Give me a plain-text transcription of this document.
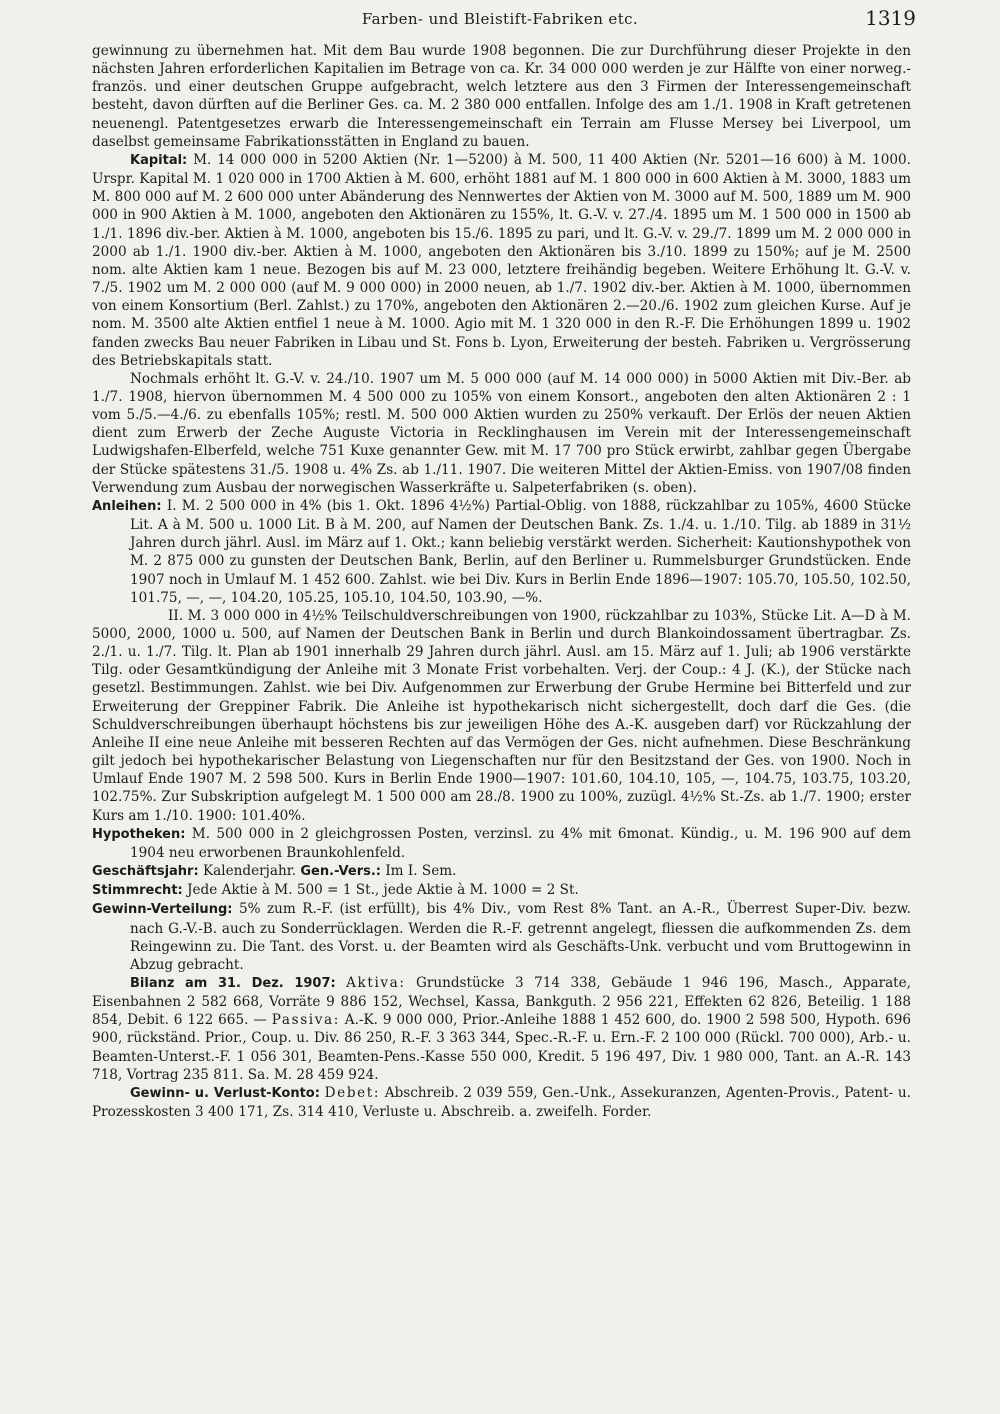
Farben- und Bleistift-Fabriken etc.	1319

gewinnung zu übernehmen hat. Mit dem Bau wurde 1908 begonnen. Die zur Durchführung dieser Projekte in den nächsten Jahren erforderlichen Kapitalien im Betrage von ca. Kr. 34 000 000 werden je zur Hälfte von einer norweg.-französ. und einer deutschen Gruppe aufgebracht, welch letztere aus den 3 Firmen der Interessengemeinschaft besteht, davon dürften auf die Berliner Ges. ca. M. 2 380 000 entfallen. Infolge des am 1./1. 1908 in Kraft getretenen neuenengl. Patentgesetzes erwarb die Interessengemeinschaft ein Terrain am Flusse Mersey bei Liverpool, um daselbst gemeinsame Fabrikationsstätten in England zu bauen.

Kapital: M. 14 000 000 in 5200 Aktien (Nr. 1—5200) à M. 500, 11 400 Aktien (Nr. 5201—16 600) à M. 1000. Urspr. Kapital M. 1 020 000 in 1700 Aktien à M. 600, erhöht 1881 auf M. 1 800 000 in 600 Aktien à M. 3000, 1883 um M. 800 000 auf M. 2 600 000 unter Abänderung des Nennwertes der Aktien von M. 3000 auf M. 500, 1889 um M. 900 000 in 900 Aktien à M. 1000, angeboten den Aktionären zu 155%, lt. G.-V. v. 27./4. 1895 um M. 1 500 000 in 1500 ab 1./1. 1896 div.-ber. Aktien à M. 1000, angeboten bis 15./6. 1895 zu pari, und lt. G.-V. v. 29./7. 1899 um M. 2 000 000 in 2000 ab 1./1. 1900 div.-ber. Aktien à M. 1000, angeboten den Aktionären bis 3./10. 1899 zu 150%; auf je M. 2500 nom. alte Aktien kam 1 neue. Bezogen bis auf M. 23 000, letztere freihändig begeben. Weitere Erhöhung lt. G.-V. v. 7./5. 1902 um M. 2 000 000 (auf M. 9 000 000) in 2000 neuen, ab 1./7. 1902 div.-ber. Aktien à M. 1000, übernommen von einem Konsortium (Berl. Zahlst.) zu 170%, angeboten den Aktionären 2.—20./6. 1902 zum gleichen Kurse. Auf je nom. M. 3500 alte Aktien entfiel 1 neue à M. 1000. Agio mit M. 1 320 000 in den R.-F. Die Erhöhungen 1899 u. 1902 fanden zwecks Bau neuer Fabriken in Libau und St. Fons b. Lyon, Erweiterung der besteh. Fabriken u. Vergrösserung des Betriebskapitals statt.

Nochmals erhöht lt. G.-V. v. 24./10. 1907 um M. 5 000 000 (auf M. 14 000 000) in 5000 Aktien mit Div.-Ber. ab 1./7. 1908, hiervon übernommen M. 4 500 000 zu 105% von einem Konsort., angeboten den alten Aktionären 2 : 1 vom 5./5.—4./6. zu ebenfalls 105%; restl. M. 500 000 Aktien wurden zu 250% verkauft. Der Erlös der neuen Aktien dient zum Erwerb der Zeche Auguste Victoria in Recklinghausen im Verein mit der Interessengemeinschaft Ludwigshafen-Elberfeld, welche 751 Kuxe genannter Gew. mit M. 17 700 pro Stück erwirbt, zahlbar gegen Übergabe der Stücke spätestens 31./5. 1908 u. 4% Zs. ab 1./11. 1907. Die weiteren Mittel der Aktien-Emiss. von 1907/08 finden Verwendung zum Ausbau der norwegischen Wasserkräfte u. Salpeterfabriken (s. oben).

Anleihen: I. M. 2 500 000 in 4% (bis 1. Okt. 1896 4½%) Partial-Oblig. von 1888, rückzahlbar zu 105%, 4600 Stücke Lit. A à M. 500 u. 1000 Lit. B à M. 200, auf Namen der Deutschen Bank. Zs. 1./4. u. 1./10. Tilg. ab 1889 in 31½ Jahren durch jährl. Ausl. im März auf 1. Okt.; kann beliebig verstärkt werden. Sicherheit: Kautionshypothek von M. 2 875 000 zu gunsten der Deutschen Bank, Berlin, auf den Berliner u. Rummelsburger Grundstücken. Ende 1907 noch in Umlauf M. 1 452 600. Zahlst. wie bei Div. Kurs in Berlin Ende 1896—1907: 105.70, 105.50, 102.50, 101.75, —, —, 104.20, 105.25, 105.10, 104.50, 103.90, —%.

II. M. 3 000 000 in 4½% Teilschuldverschreibungen von 1900, rückzahlbar zu 103%, Stücke Lit. A—D à M. 5000, 2000, 1000 u. 500, auf Namen der Deutschen Bank in Berlin und durch Blankoindossament übertragbar. Zs. 2./1. u. 1./7. Tilg. lt. Plan ab 1901 innerhalb 29 Jahren durch jährl. Ausl. am 15. März auf 1. Juli; ab 1906 verstärkte Tilg. oder Gesamtkündigung der Anleihe mit 3 Monate Frist vorbehalten. Verj. der Coup.: 4 J. (K.), der Stücke nach gesetzl. Bestimmungen. Zahlst. wie bei Div. Aufgenommen zur Erwerbung der Grube Hermine bei Bitterfeld und zur Erweiterung der Greppiner Fabrik. Die Anleihe ist hypothekarisch nicht sichergestellt, doch darf die Ges. (die Schuldverschreibungen überhaupt höchstens bis zur jeweiligen Höhe des A.-K. ausgeben darf) vor Rückzahlung der Anleihe II eine neue Anleihe mit besseren Rechten auf das Vermögen der Ges. nicht aufnehmen. Diese Beschränkung gilt jedoch bei hypothekarischer Belastung von Liegenschaften nur für den Besitzstand der Ges. von 1900. Noch in Umlauf Ende 1907 M. 2 598 500. Kurs in Berlin Ende 1900—1907: 101.60, 104.10, 105, —, 104.75, 103.75, 103.20, 102.75%. Zur Subskription aufgelegt M. 1 500 000 am 28./8. 1900 zu 100%, zuzügl. 4½% St.-Zs. ab 1./7. 1900; erster Kurs am 1./10. 1900: 101.40%.

Hypotheken: M. 500 000 in 2 gleichgrossen Posten, verzinsl. zu 4% mit 6monat. Kündig., u. M. 196 900 auf dem 1904 neu erworbenen Braunkohlenfeld.

Geschäftsjahr: Kalenderjahr. Gen.-Vers.: Im I. Sem.

Stimmrecht: Jede Aktie à M. 500 = 1 St., jede Aktie à M. 1000 = 2 St.

Gewinn-Verteilung: 5% zum R.-F. (ist erfüllt), bis 4% Div., vom Rest 8% Tant. an A.-R., Überrest Super-Div. bezw. nach G.-V.-B. auch zu Sonderrücklagen. Werden die R.-F. getrennt angelegt, fliessen die aufkommenden Zs. dem Reingewinn zu. Die Tant. des Vorst. u. der Beamten wird als Geschäfts-Unk. verbucht und vom Bruttogewinn in Abzug gebracht.

Bilanz am 31. Dez. 1907: Aktiva: Grundstücke 3 714 338, Gebäude 1 946 196, Masch., Apparate, Eisenbahnen 2 582 668, Vorräte 9 886 152, Wechsel, Kassa, Bankguth. 2 956 221, Effekten 62 826, Beteilig. 1 188 854, Debit. 6 122 665. — Passiva: A.-K. 9 000 000, Prior.-Anleihe 1888 1 452 600, do. 1900 2 598 500, Hypoth. 696 900, rückständ. Prior., Coup. u. Div. 86 250, R.-F. 3 363 344, Spec.-R.-F. u. Ern.-F. 2 100 000 (Rückl. 700 000), Arb.- u. Beamten-Unterst.-F. 1 056 301, Beamten-Pens.-Kasse 550 000, Kredit. 5 196 497, Div. 1 980 000, Tant. an A.-R. 143 718, Vortrag 235 811. Sa. M. 28 459 924.

Gewinn- u. Verlust-Konto: Debet: Abschreib. 2 039 559, Gen.-Unk., Assekuranzen, Agenten-Provis., Patent- u. Prozesskosten 3 400 171, Zs. 314 410, Verluste u. Abschreib. a. zweifelh. Forder.
